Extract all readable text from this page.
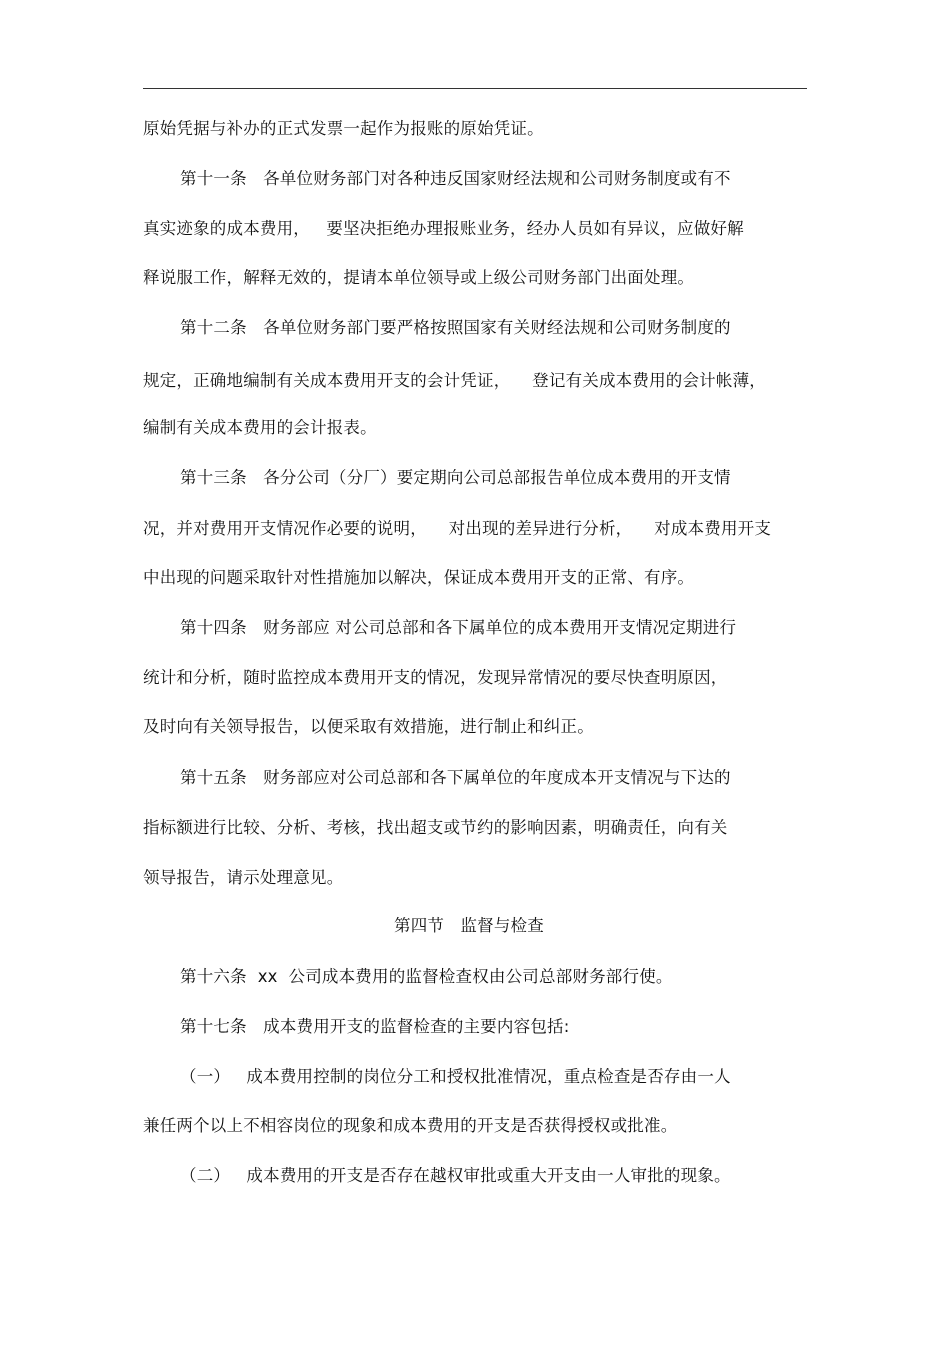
原始凭据与补办的正式发票一起作为报账的原始凭证。
第十一条   各单位财务部门对各种违反国家财经法规和公司财务制度或有不
真实迹象的成本费用，   要坚决拒绝办理报账业务，经办人员如有异议，应做好解
释说服工作，解释无效的，提请本单位领导或上级公司财务部门出面处理。
第十二条   各单位财务部门要严格按照国家有关财经法规和公司财务制度的
规定，正确地编制有关成本费用开支的会计凭证，    登记有关成本费用的会计帐薄，
编制有关成本费用的会计报表。
第十三条   各分公司（分厂）要定期向公司总部报告单位成本费用的开支情
况，并对费用开支情况作必要的说明，    对出现的差异进行分析，    对成本费用开支
中出现的问题采取针对性措施加以解决，保证成本费用开支的正常、有序。
第十四条   财务部应 对公司总部和各下属单位的成本费用开支情况定期进行
统计和分析，随时监控成本费用开支的情况，发现异常情况的要尽快查明原因，
及时向有关领导报告，以便采取有效措施，进行制止和纠正。
第十五条   财务部应对公司总部和各下属单位的年度成本开支情况与下达的
指标额进行比较、分析、考核，找出超支或节约的影响因素，明确责任，向有关
领导报告，请示处理意见。
第四节   监督与检查
第十六条  xx  公司成本费用的监督检查权由公司总部财务部行使。
第十七条   成本费用开支的监督检查的主要内容包括:
（一）   成本费用控制的岗位分工和授权批准情况，重点检查是否存由一人
兼任两个以上不相容岗位的现象和成本费用的开支是否获得授权或批准。
（二）   成本费用的开支是否存在越权审批或重大开支由一人审批的现象。
